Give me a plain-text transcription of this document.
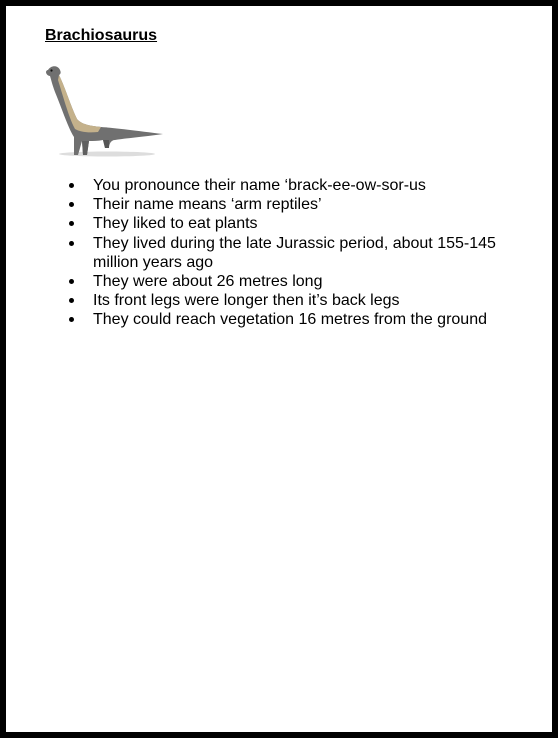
Brachiosaurus
You pronounce their name ‘brack-ee-ow-sor-us
Their name means ‘arm reptiles’
They liked to eat plants
They lived during the late Jurassic period, about 155-145 million years ago
They were about 26 metres long
Its front legs were longer then it’s back legs
They could reach vegetation 16 metres from the ground
